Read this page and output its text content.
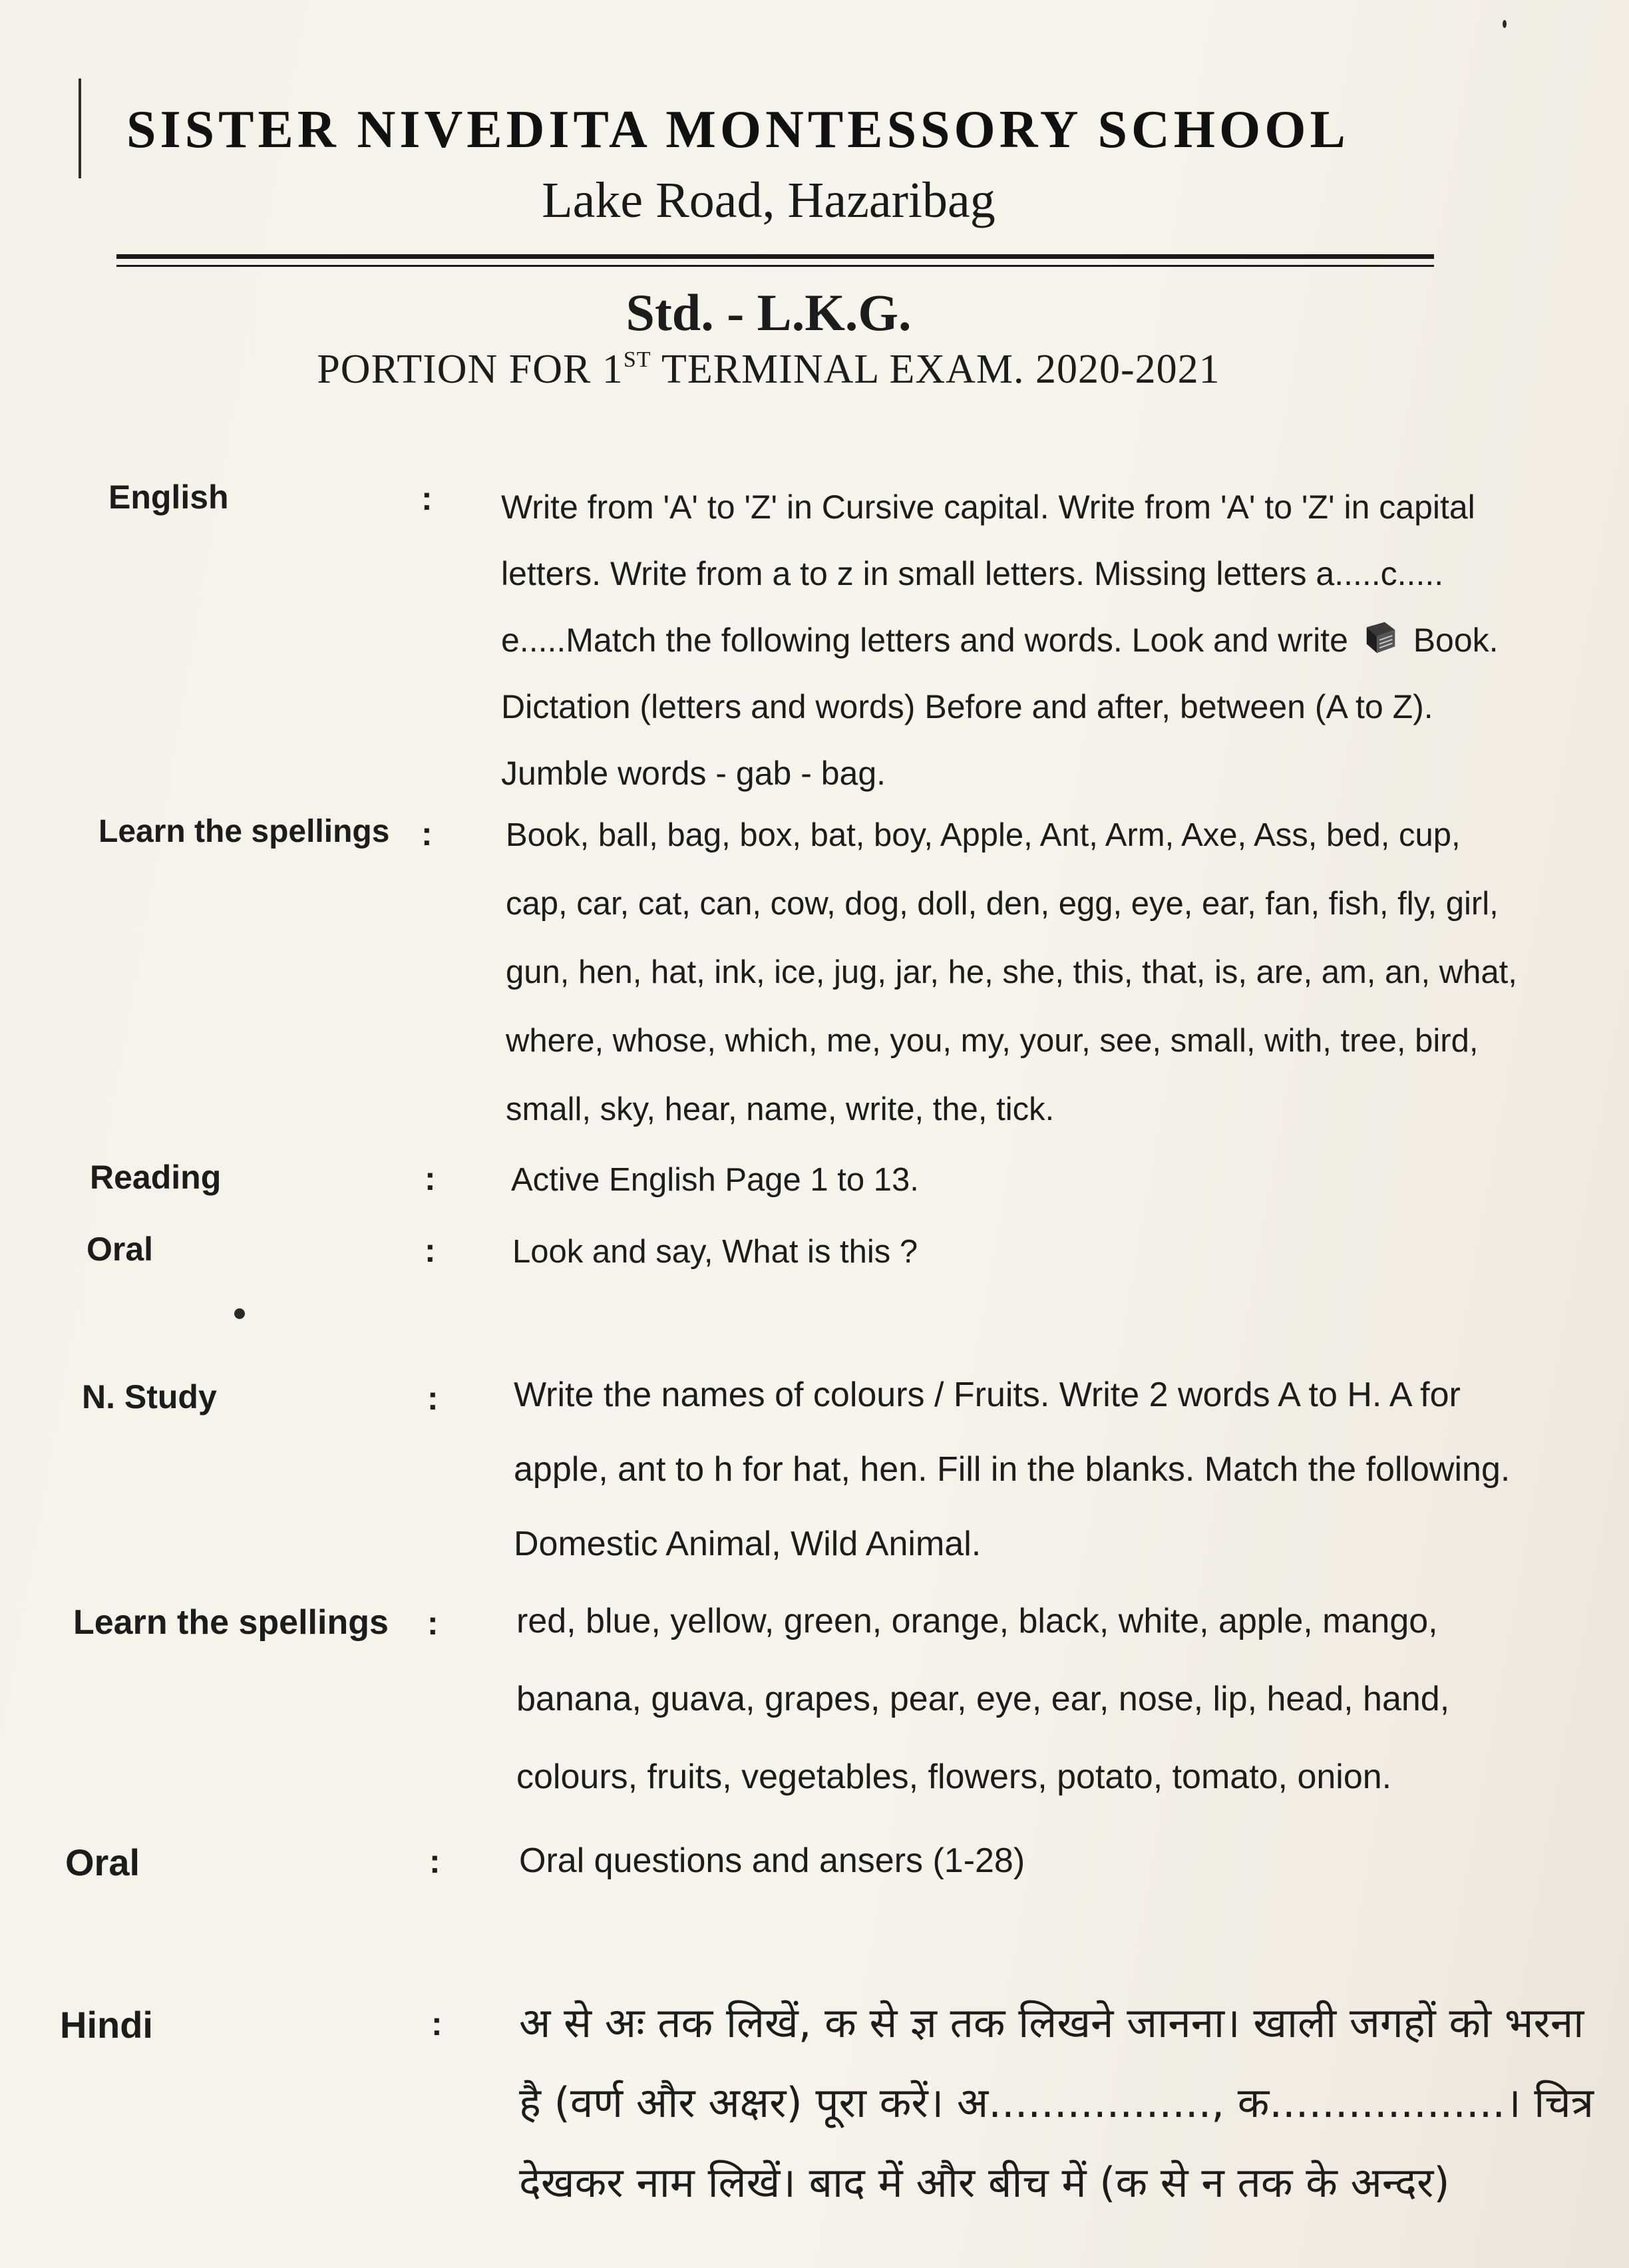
SISTER NIVEDITA MONTESSORY SCHOOL
Lake Road, Hazaribag
Std. - L.K.G.
PORTION FOR 1ST TERMINAL EXAM. 2020-2021
English	: Write from 'A' to 'Z' in Cursive capital. Write from 'A' to 'Z' in capital letters. Write from a to z in small letters. Missing letters a.....c..... e.....Match the following letters and words. Look and write Book. Dictation (letters and words) Before and after, between (A to Z). Jumble words - gab - bag.
Learn the spellings : Book, ball, bag, box, bat, boy, Apple, Ant, Arm, Axe, Ass, bed, cup, cap, car, cat, can, cow, dog, doll, den, egg, eye, ear, fan, fish, fly, girl, gun, hen, hat, ink, ice, jug, jar, he, she, this, that, is, are, am, an, what, where, whose, which, me, you, my, your, see, small, with, tree, bird, small, sky, hear, name, write, the, tick.
Reading	: Active English Page 1 to 13.
Oral	: Look and say, What is this ?
N. Study	: Write the names of colours / Fruits. Write 2 words A to H. A for apple, ant to h for hat, hen. Fill in the blanks. Match the following. Domestic Animal, Wild Animal.
Learn the spellings : red, blue, yellow, green, orange, black, white, apple, mango, banana, guava, grapes, pear, eye, ear, nose, lip, head, hand, colours, fruits, vegetables, flowers, potato, tomato, onion.
Oral	: Oral questions and ansers (1-28)
Hindi	: अ से अः तक लिखें, क से ज्ञ तक लिखने जानना। खाली जगहों को भरना है (वर्ण और अक्षर) पूरा करें। अ................., क..................। चित्र देखकर नाम लिखें। बाद में और बीच में (क से न तक के अन्दर)
